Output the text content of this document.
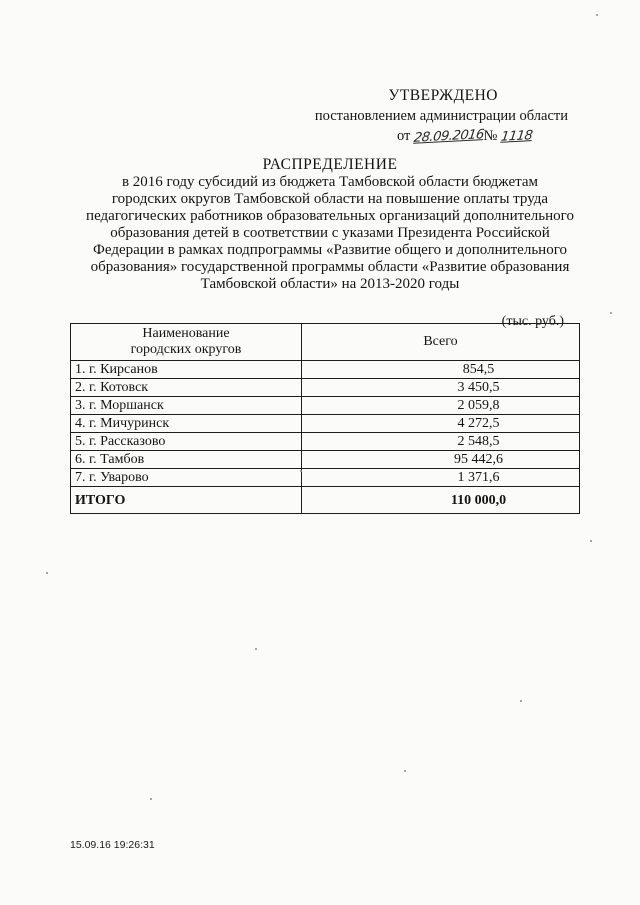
УТВЕРЖДЕНО
постановлением администрации области
от 28.09.2016№ 1118
РАСПРЕДЕЛЕНИЕ
в 2016 году субсидий из бюджета Тамбовской области бюджетам
городских округов Тамбовской области на повышение оплаты труда
педагогических работников образовательных организаций дополнительного
образования детей в соответствии с указами Президента Российской
Федерации в рамках подпрограммы «Развитие общего и дополнительного
образования» государственной программы области «Развитие образования
Тамбовской области» на 2013-2020 годы
(тыс. руб.)
Наименование
городских округов	Всего
1. г. Кирсанов	854,5
2. г. Котовск	3 450,5
3. г. Моршанск	2 059,8
4. г. Мичуринск	4 272,5
5. г. Рассказово	2 548,5
6. г. Тамбов	95 442,6
7. г. Уварово	1 371,6
ИТОГО	110 000,0
15.09.16 19:26:31
